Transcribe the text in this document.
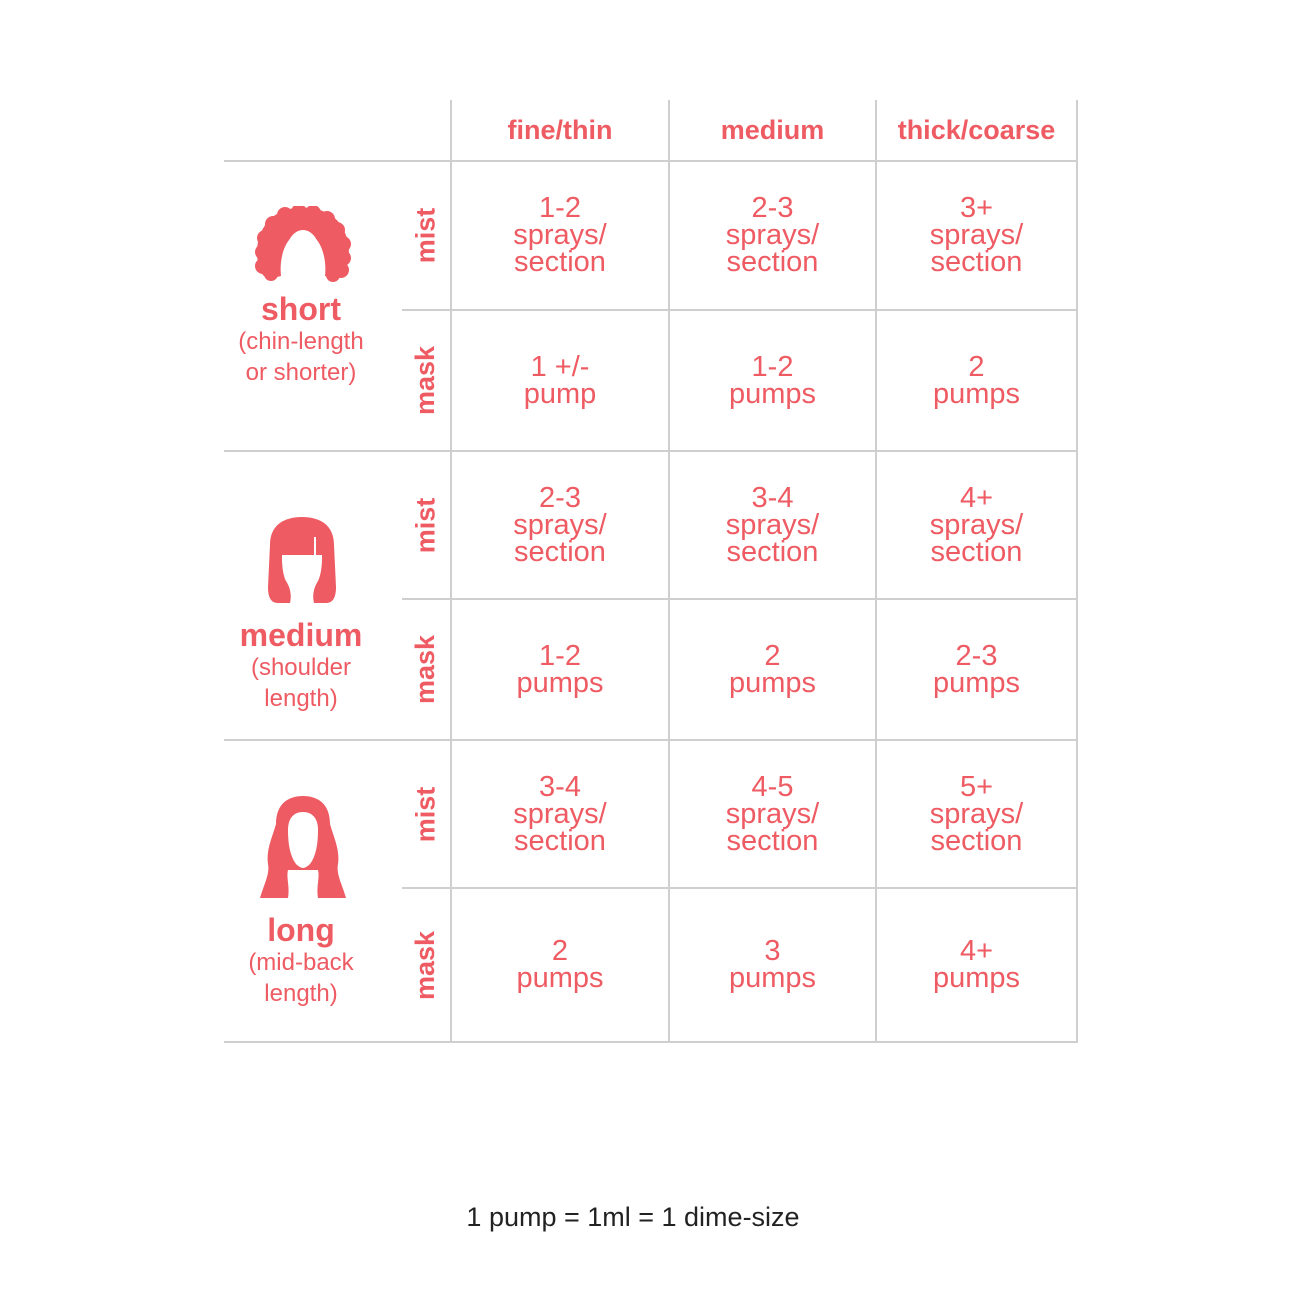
fine/thin	medium	thick/coarse
short
(chin-length
or shorter)
mist
mask
1-2
sprays/
section
2-3
sprays/
section
3+
sprays/
section
1 +/-
pump
1-2
pumps
2
pumps
medium
(shoulder
length)
mist
mask
2-3
sprays/
section
3-4
sprays/
section
4+
sprays/
section
1-2
pumps
2
pumps
2-3
pumps
long
(mid-back
length)
mist
mask
3-4
sprays/
section
4-5
sprays/
section
5+
sprays/
section
2
pumps
3
pumps
4+
pumps
1 pump = 1ml = 1 dime-size
